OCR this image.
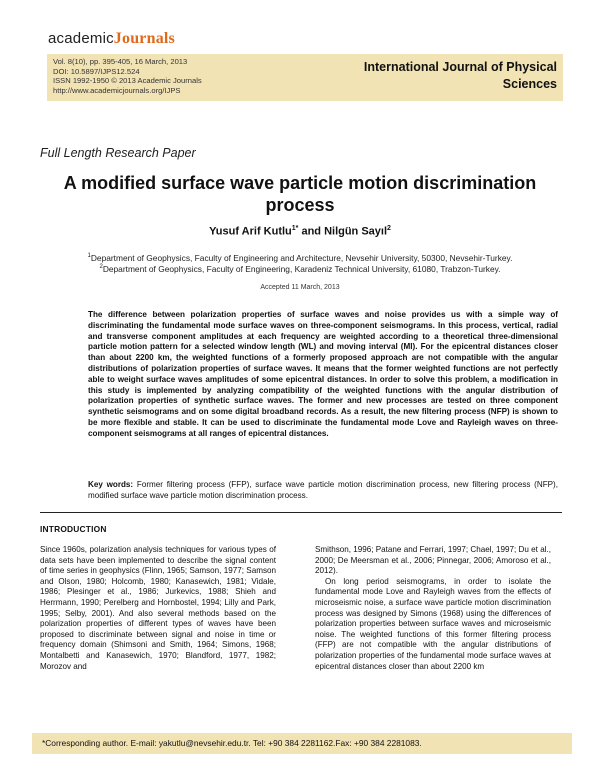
academicJournals
Vol. 8(10), pp. 395-405, 16 March, 2013
DOI: 10.5897/IJPS12.524
ISSN 1992-1950 © 2013 Academic Journals
http://www.academicjournals.org/IJPS
International Journal of Physical
Sciences
Full Length Research Paper
A modified surface wave particle motion discrimination process
Yusuf Arif Kutlu$^{1*}$ and Nilgün Sayıl$^2$
$^1$Department of Geophysics, Faculty of Engineering and Architecture, Nevsehir University, 50300, Nevsehir-Turkey.
$^2$Department of Geophysics, Faculty of Engineering, Karadeniz Technical University, 61080, Trabzon-Turkey.
Accepted 11 March, 2013
The difference between polarization properties of surface waves and noise provides us with a simple way of discriminating the fundamental mode surface waves on three-component seismograms. In this process, vertical, radial and transverse component amplitudes at each frequency are weighted according to a theoretical three-dimensional particle motion pattern for a selected window length (WL) and moving interval (MI). For the epicentral distances closer than about 2200 km, the weighted functions of a formerly proposed approach are not compatible with the angular distributions of polarization properties of surface waves. It means that the former weighted functions are not perfectly able to weight surface waves amplitudes of some epicentral distances. In order to solve this problem, a modification in this study is implemented by analyzing compatibility of the weighted functions with the angular distribution of polarization properties of synthetic surface waves. The former and new processes are tested on three component synthetic seismograms and on some digital broadband records. As a result, the new filtering process (NFP) is shown to be more flexible and stable. It can be used to discriminate the fundamental mode Love and Rayleigh waves on three-component seismograms at all ranges of epicentral distances.
Key words: Former filtering process (FFP), surface wave particle motion discrimination process, new filtering process (NFP), modified surface wave particle motion discrimination process.
INTRODUCTION
Since 1960s, polarization analysis techniques for various types of data sets have been implemented to describe the signal content of time series in geophysics (Flinn, 1965; Samson, 1977; Samson and Olson, 1980; Holcomb, 1980; Kanasewich, 1981; Vidale, 1986; Plesinger et al., 1986; Jurkevics, 1988; Shieh and Herrmann, 1990; Perelberg and Hornbostel, 1994; Lilly and Park, 1995; Selby, 2001). And also several methods based on the polarization properties of different types of waves have been proposed to discriminate between signal and noise in time or frequency domain (Shimsoni and Smith, 1964; Simons, 1968; Montalbetti and Kanasewich, 1970; Blandford, 1977, 1982; Morozov and
Smithson, 1996; Patane and Ferrari, 1997; Chael, 1997; Du et al., 2000; De Meersman et al., 2006; Pinnegar, 2006; Amoroso et al., 2012).
On long period seismograms, in order to isolate the fundamental mode Love and Rayleigh waves from the effects of microseismic noise, a surface wave particle motion discrimination process was designed by Simons (1968) using the differences of polarization properties between surface waves and microseismic noise. The weighted functions of this former filtering process (FFP) are not compatible with the angular distributions of polarization properties of the fundamental mode surface waves at epicentral distances closer than about 2200 km
*Corresponding author. E-mail: yakutlu@nevsehir.edu.tr. Tel: +90 384 2281162.Fax: +90 384 2281083.
